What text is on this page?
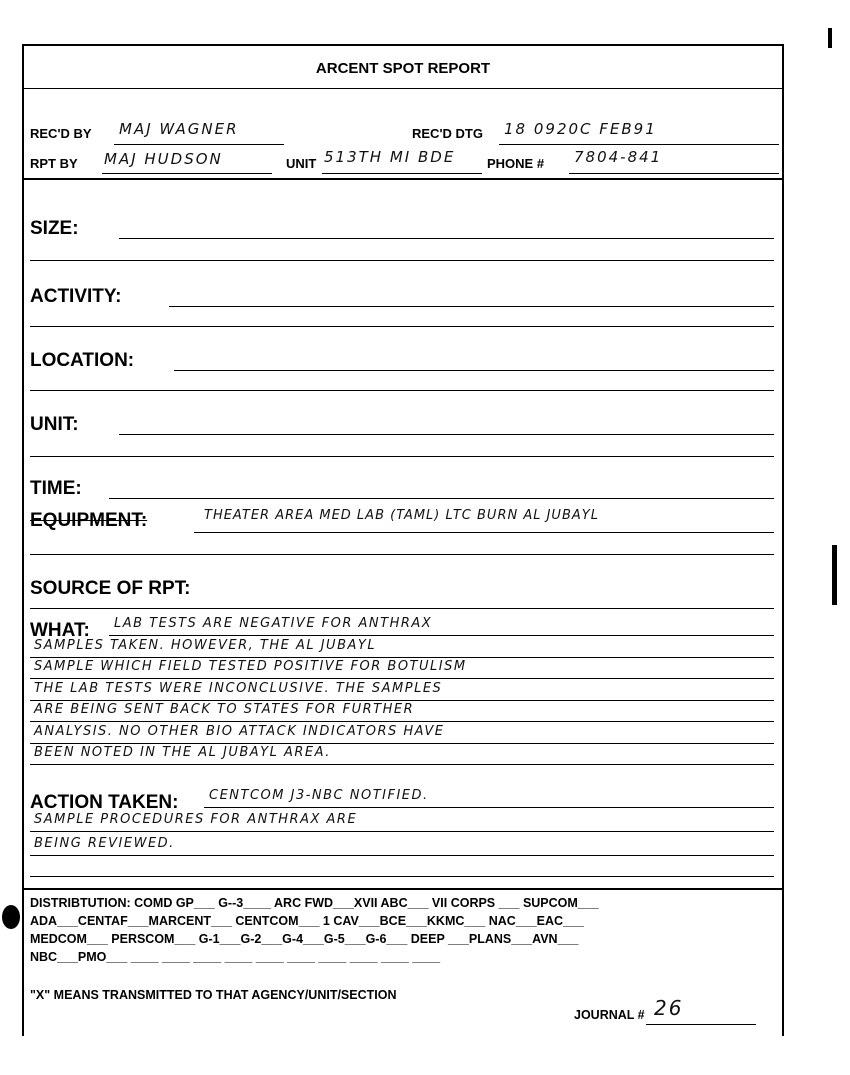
ARCENT SPOT REPORT
REC'D BY MAJ WAGNER	REC'D DTG 18 0920C FEB91
RPT BY MAJ HUDSON	UNIT 513TH MI BDE PHONE # 7804-841
SIZE:
ACTIVITY:
LOCATION:
UNIT:
TIME:
EQUIPMENT:	THEATER AREA MED LAB (TAML) LTC BURN AL JUBAYL
SOURCE OF RPT:
WHAT: LAB TESTS ARE NEGATIVE FOR ANTHRAX
SAMPLES TAKEN. HOWEVER, THE AL JUBAYL
SAMPLE WHICH FIELD TESTED POSITIVE FOR BOTULISM
THE LAB TESTS WERE INCONCLUSIVE. THE SAMPLES
ARE BEING SENT BACK TO STATES FOR FURTHER
ANALYSIS. NO OTHER BIO ATTACK INDICATORS HAVE
BEEN NOTED IN THE AL JUBAYL AREA.
ACTION TAKEN: CENTCOM J3-NBC NOTIFIED.
SAMPLE PROCEDURES FOR ANTHRAX ARE
BEING REVIEWED.
DISTRIBTUTION: COMD GP___ G--3____ ARC FWD___XVII ABC___ VII CORPS ___ SUPCOM___
ADA___CENTAF___MARCENT___ CENTCOM___ 1 CAV___BCE___KKMC___ NAC___EAC___
MEDCOM___ PERSCOM___ G-1___G-2___G-4___G-5___G-6___ DEEP ___PLANS___AVN___
NBC___PMO___ ____ ____ ____ ____ ____ ____ ____ ____ ____ ____
"X" MEANS TRANSMITTED TO THAT AGENCY/UNIT/SECTION
JOURNAL # 26
